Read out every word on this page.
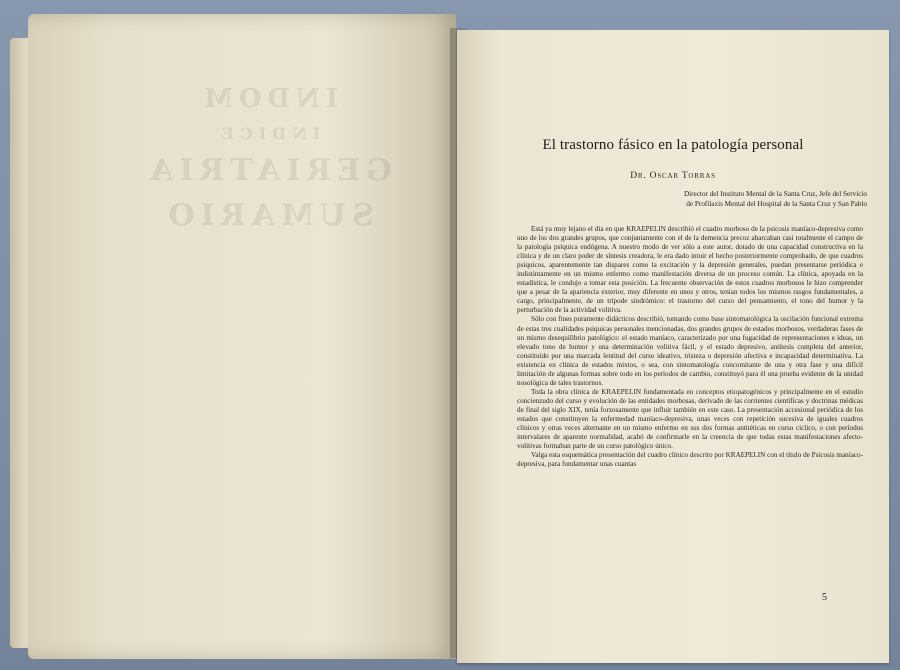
INDOM
INDICE
GERIATRIA
SUMARIO
El trastorno fásico en la patología personal
Dr. Oscar Torras
Director del Instituto Mental de la Santa Cruz, Jefe del Servicio
de Profilaxis Mental del Hospital de la Santa Cruz y San Pablo

Está ya muy lejano el día en que KRAEPELIN describió el cuadro morboso de la psicosis maníaco-depresiva como uno de los dos grandes grupos, que conjuntamente con el de la demencia precoz abarcaban casi totalmente el campo de la patología psíquica endógena. A nuestro modo de ver sólo a este autor, dotado de una capacidad constructiva en la clínica y de un claro poder de síntesis creadora, le era dado intuir el hecho posteriormente comprobado, de que cuadros psíquicos, aparentemente tan dispares como la excitación y la depresión generales, puedan presentarse periódica e indistintamente en un mismo enfermo como manifestación diversa de un proceso común. La clínica, apoyada en la estadística, le condujo a tomar esta posición. La frecuente observación de estos cuadros morbosos le hizo comprender que a pesar de la apariencia exterior, muy diferente en unos y otros, tenían todos los mismos rasgos fundamentales, a cargo, principalmente, de un trípode sindrómico: el trastorno del curso del pensamiento, el tono del humor y la perturbación de la actividad volitiva.

Sólo con fines puramente didácticos describió, tomando como base sintomatológica la oscilación funcional extrema de estas tres cualidades psíquicas personales mencionadas, dos grandes grupos de estados morbosos, verdaderas fases de un mismo desequilibrio patológico: el estado maníaco, caracterizado por una fugacidad de representaciones e ideas, un elevado tono de humor y una determinación volitiva fácil, y el estado depresivo, antítesis completa del anterior, constituído por una marcada lentitud del curso ideativo, tristeza o depresión afectiva e incapacidad determinativa. La existencia en clínica de estados mixtos, o sea, con sintomatología concomitante de una y otra fase y una difícil limitación de algunas formas sobre todo en los períodos de cambio, constituyó para él una prueba evidente de la unidad nosológica de tales trastornos.

Toda la obra clínica de KRAEPELIN fundamentada en conceptos etiopatogénicos y principalmente en el estudio concienzudo del curso y evolución de las entidades morbosas, derivado de las corrientes científicas y doctrinas médicas de final del siglo XIX, tenía forzosamente que influir también en este caso. La presentación accesional periódica de los estados que constituyen la enfermedad maníaco-depresiva, unas veces con repetición sucesiva de iguales cuadros clínicos y otras veces alternante en un mismo enfermo en sus dos formas antitéticas en curso cíclico, o con períodos intervalares de aparente normalidad, acabó de confirmarle en la creencia de que todas estas manifestaciones afecto-volitivas formaban parte de un curso patológico único.

Valga esta esquemática presentación del cuadro clínico descrito por KRAEPELIN con el título de Psicosis maníaco-depresiva, para fundamentar unas cuantas

5
